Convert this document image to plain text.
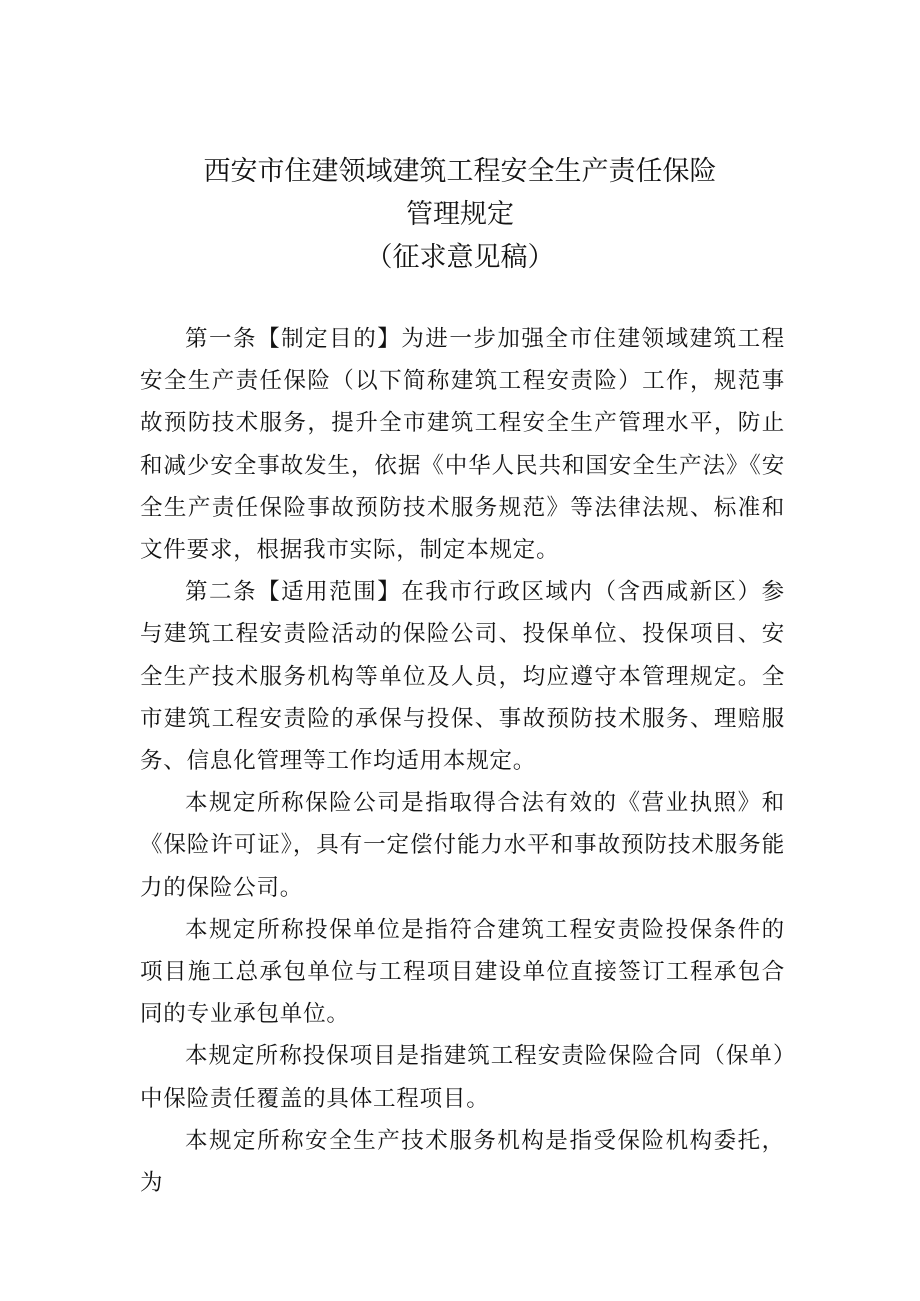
西安市住建领域建筑工程安全生产责任保险
管理规定
（征求意见稿）

第一条【制定目的】为进一步加强全市住建领域建筑工程安全生产责任保险（以下简称建筑工程安责险）工作，规范事故预防技术服务，提升全市建筑工程安全生产管理水平，防止和减少安全事故发生，依据《中华人民共和国安全生产法》《安全生产责任保险事故预防技术服务规范》等法律法规、标准和文件要求，根据我市实际，制定本规定。

第二条【适用范围】在我市行政区域内（含西咸新区）参与建筑工程安责险活动的保险公司、投保单位、投保项目、安全生产技术服务机构等单位及人员，均应遵守本管理规定。全市建筑工程安责险的承保与投保、事故预防技术服务、理赔服务、信息化管理等工作均适用本规定。

本规定所称保险公司是指取得合法有效的《营业执照》和《保险许可证》，具有一定偿付能力水平和事故预防技术服务能力的保险公司。

本规定所称投保单位是指符合建筑工程安责险投保条件的项目施工总承包单位与工程项目建设单位直接签订工程承包合同的专业承包单位。

本规定所称投保项目是指建筑工程安责险保险合同（保单）中保险责任覆盖的具体工程项目。

本规定所称安全生产技术服务机构是指受保险机构委托，为
